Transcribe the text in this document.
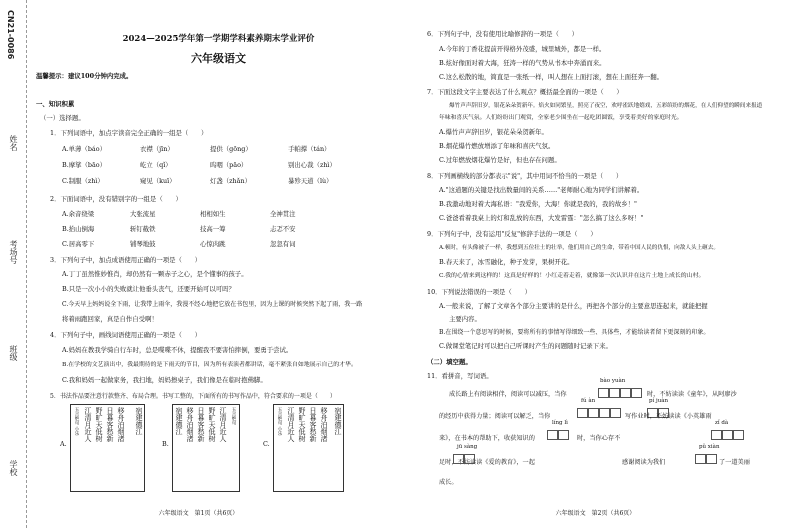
CN21-0086
姓名
考场号
班级
学校
2024—2025学年第一学期学科素养期末学业评价
六年级语文
温馨提示：建议100分钟内完成。
一、知识积累
（一）选择题。
1．下列词语中，加点字读音完全正确的一组是（　　）
A.单薄（báo）	衣襟（jīn）	提供（gōng）	手帕撑（tán）
B.摩挲（bāo）	屹立（qǐ）	呜咽（pāo）	别出心裁（zhì）
C.制服（zhì）	窥见（kuī）	灯盏（zhǎn）	暴殄天道（lù）
2．下面词语中，没有错别字的一组是（　　）
A.余音绕梁	大张流星	相相如生	全神贯注
B.抬山倒海	斩钉截铁	技高一筹	忐忑不安
C.居高零下	铺琴地鼓	心惊肉跳	忽忽有词
3．下列句子中，加点成语使用正确的一项是（　　）
A.丁丁虽然惟妙惟肖，却仍然有一颗赤子之心，是个懂事的孩子。
B.只是一次小小的失败就让他垂头丧气，还要开始可以可吗？
C.今天早上妈妈说全下雨，让我带上雨伞，我漫不经心地把它放在书包里，因为上课的时候突然下起了雨，我一路
将着雨跑回家，真是自作自受啊！
4．下列句子中，画线词语使用正确的一项是（　　）
A.妈妈在教我学骑自行车时，总是喋喋不休，提醒我不要害怕摔倒，要勇于尝试。
B.在学校的文艺演出中，我最期待的是下雨天的节目，因为所有表演者都讲话，毫不紧张自如地展示自己的才华。
C.我和妈妈一起做家务，我扫地，妈妈擦桌子，我们像是在临时抱佛脚。
5．书法作品要注意行款整齐、布局合理。书写工整的，下面所有的书写作品中，符合要求的一项是（　　）
A.
五言绝句 小乐 江清月近人 野旷天低树 日暮客愁新 移舟泊烟渚	宿建德江
B.
宿建德江 移舟泊烟渚 日暮客愁新 野旷天低树 江清月近人 五言绝句
C.
五言绝句 小乐 江清月近人 野旷天低树 日暮客愁新 移舟泊烟渚 宿建德江
六年级语文　第1页（共6页）
6．下列句子中，没有使用比喻修辞的一项是（　　）
A.今年的丁香花提前开得格外茂盛，城里城外，都是一样。
B.炫好像面对着大海，狂涛一样的气势从书本中奔涌而来。
C.这么松散的地，简直是一张纸一样，叫人想在上面打滚，想在上面狂奔一翻。
7．下面这段文字主要表达了什么观点？概括最全面的一项是（　　）
爆竹声声辞旧岁，银花朵朵贺新年。焰火如同繁星，照亮了夜空，欢呼雀跃地嬉戏，五彩缤纷的烟花，在人们仰望的瞬间来报道
年味和喜庆气氛。人们纷纷出门观赏，全家老少围坐在一起吃团圆饭，享受着美好的家庭时光。
A.爆竹声声辞旧岁，银花朵朵贺新年。
B.烟花爆竹燃放增添了年味和喜庆气氛。
C.过年燃放烟花爆竹是好，但也存在问题。
8．下列画横线的部分都表示"说"，其中用词不恰当的一项是（　　）
A."这道题的关键是找出数量间的关系……"老师耐心地为同学们讲解着。
B.我激动地对着大海私语："我爱你，大海！你就是我的，我的故乡！"
C.爸爸看着我桌上的灯和乱放的东西，大发雷霆："怎么搞了这么多呀！"
9．下列句子中，没有运用"反复"修辞手法的一项是（　　）
A.顿时，有头像被子一样，我想到五位壮士的壮举，他们用自己的生命，带着中国人民的仇恨，向敌人头上砸去。
B.春天来了，冰雪融化，种子发芽，果树开花。
C.我的心情来到这样的！这真是好样的！小红走着走着，就像第一次认识并在这片土地上成长的山村。
10．下列说法错误的一项是（　　）
A.一般来说，了解了文章各个部分主要讲的是什么，再把各个部分的主要意思连起来，就能把握
主要内容。
B.在围绕一个意思写的时候，要将所有的事情写得细致一些、具体些，才能给读者留下更深刻的印象。
C.做课堂笔记时可以把自己听课时产生的问题随时记录下来。
（二）填空题。
11．看拼音，写词语。
成长路上有阅读相伴，阅读可以减压，当你
bào yuàn
时，不妨读读《童年》，从阿廖沙
的经历中获得力量；阅读可以解乏，当你
fú àn	pí juàn
写作业时，不妨读读《小英雄雨
来》，在书本的帮助下，收获知识的
líng lì
时，当你心存不
zǐ dà
足时，不妨读读《爱的教育》，一起
jū sàng
感谢阅读为我们
pǔ xiàn
了一道美丽
成长。
六年级语文　第2页（共6页）
